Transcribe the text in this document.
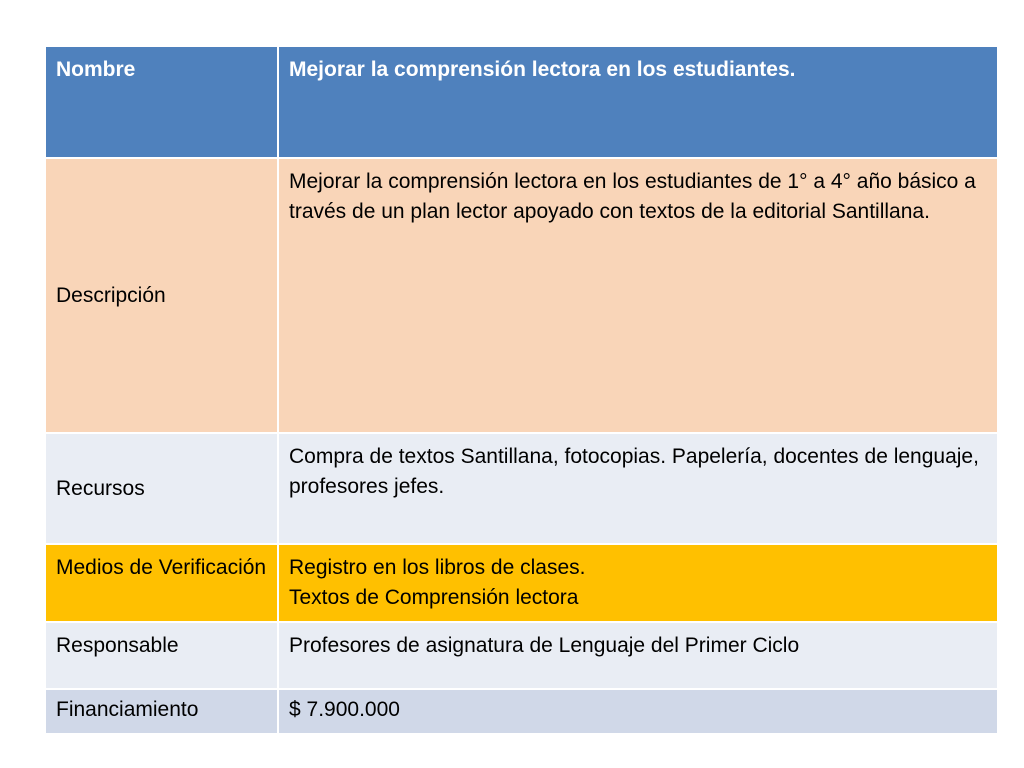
Nombre	Mejorar la comprensión lectora en los estudiantes.
Descripción	Mejorar la comprensión lectora en los estudiantes de 1° a 4° año básico a través de un plan lector apoyado con textos de la editorial Santillana.
Recursos	Compra de textos Santillana, fotocopias. Papelería, docentes de lenguaje, profesores jefes.
Medios de Verificación	Registro en los libros de clases.
Textos de Comprensión lectora

Responsable	Profesores de asignatura de Lenguaje del Primer Ciclo
Financiamiento	$ 7.900.000
